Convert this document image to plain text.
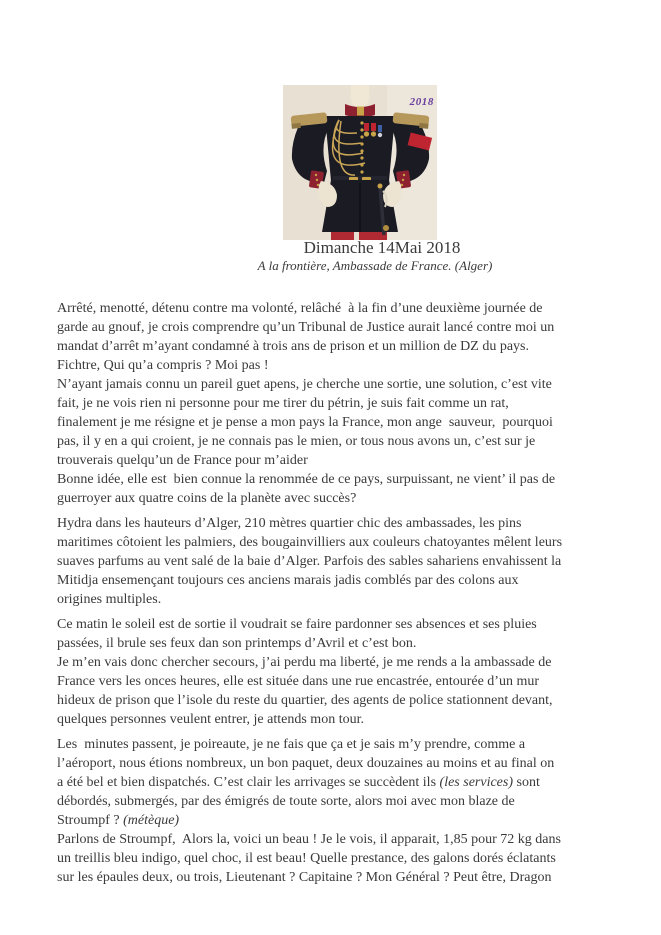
2018
Dimanche 14Mai 2018
A la frontière, Ambassade de France. (Alger)
Arrêté, menotté, détenu contre ma volonté, relâché  à la fin d’une deuxième journée de
garde au gnouf, je crois comprendre qu’un Tribunal de Justice aurait lancé contre moi un
mandat d’arrêt m’ayant condamné à trois ans de prison et un million de DZ du pays.
Fichtre, Qui qu’a compris ? Moi pas !
N’ayant jamais connu un pareil guet apens, je cherche une sortie, une solution, c’est vite
fait, je ne vois rien ni personne pour me tirer du pétrin, je suis fait comme un rat,
finalement je me résigne et je pense a mon pays la France, mon ange  sauveur,  pourquoi
pas, il y en a qui croient, je ne connais pas le mien, or tous nous avons un, c’est sur je
trouverais quelqu’un de France pour m’aider
Bonne idée, elle est  bien connue la renommée de ce pays, surpuissant, ne vient’ il pas de
guerroyer aux quatre coins de la planète avec succès?
Hydra dans les hauteurs d’Alger, 210 mètres quartier chic des ambassades, les pins
maritimes côtoient les palmiers, des bougainvilliers aux couleurs chatoyantes mêlent leurs
suaves parfums au vent salé de la baie d’Alger. Parfois des sables sahariens envahissent la
Mitidja ensemençant toujours ces anciens marais jadis comblés par des colons aux
origines multiples.
Ce matin le soleil est de sortie il voudrait se faire pardonner ses absences et ses pluies
passées, il brule ses feux dan son printemps d’Avril et c’est bon.
Je m’en vais donc chercher secours, j’ai perdu ma liberté, je me rends a la ambassade de
France vers les onces heures, elle est située dans une rue encastrée, entourée d’un mur
hideux de prison que l’isole du reste du quartier, des agents de police stationnent devant,
quelques personnes veulent entrer, je attends mon tour.
Les  minutes passent, je poireaute, je ne fais que ça et je sais m’y prendre, comme a
l’aéroport, nous étions nombreux, un bon paquet, deux douzaines au moins et au final on
a été bel et bien dispatchés. C’est clair les arrivages se succèdent ils (les services) sont
débordés, submergés, par des émigrés de toute sorte, alors moi avec mon blaze de
Stroumpf ? (métèque)
Parlons de Stroumpf,  Alors la, voici un beau ! Je le vois, il apparait, 1,85 pour 72 kg dans
un treillis bleu indigo, quel choc, il est beau! Quelle prestance, des galons dorés éclatants
sur les épaules deux, ou trois, Lieutenant ? Capitaine ? Mon Général ? Peut être, Dragon
